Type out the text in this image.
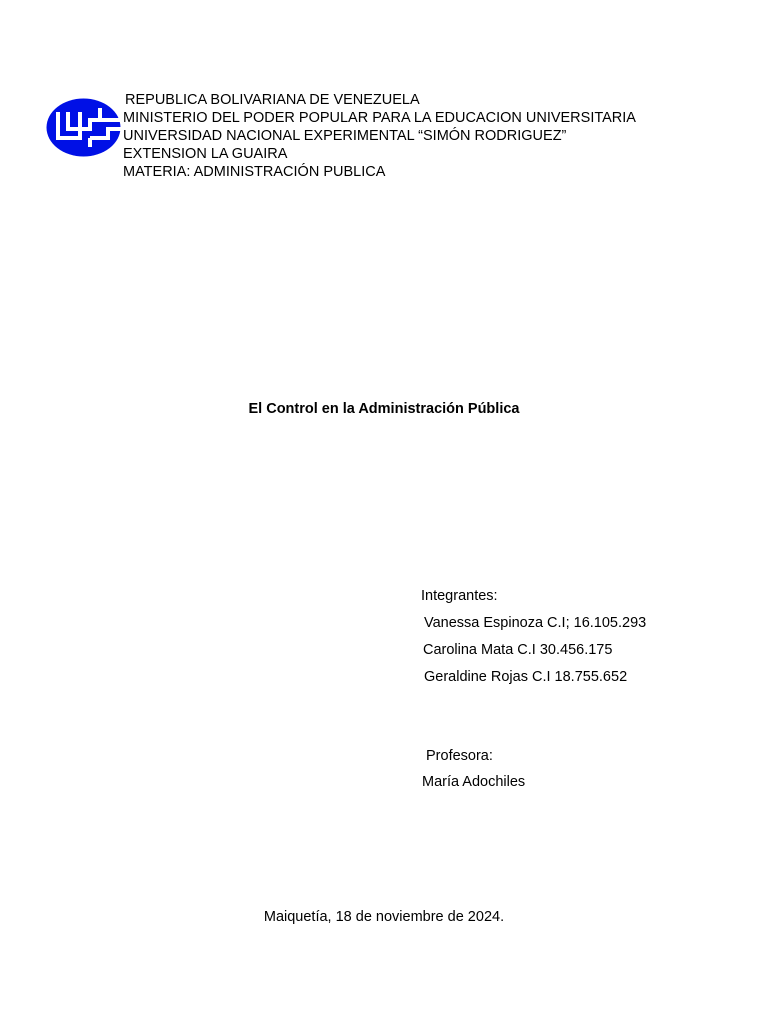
REPUBLICA BOLIVARIANA DE VENEZUELA
MINISTERIO DEL PODER POPULAR PARA LA EDUCACION UNIVERSITARIA
UNIVERSIDAD NACIONAL EXPERIMENTAL “SIMÓN RODRIGUEZ”
EXTENSION LA GUAIRA
MATERIA: ADMINISTRACIÓN PUBLICA
El Control en la Administración Pública
Integrantes:
Vanessa Espinoza C.I; 16.105.293
Carolina Mata C.I 30.456.175
Geraldine Rojas C.I 18.755.652
Profesora:
María Adochiles
Maiquetía, 18 de noviembre de 2024.
